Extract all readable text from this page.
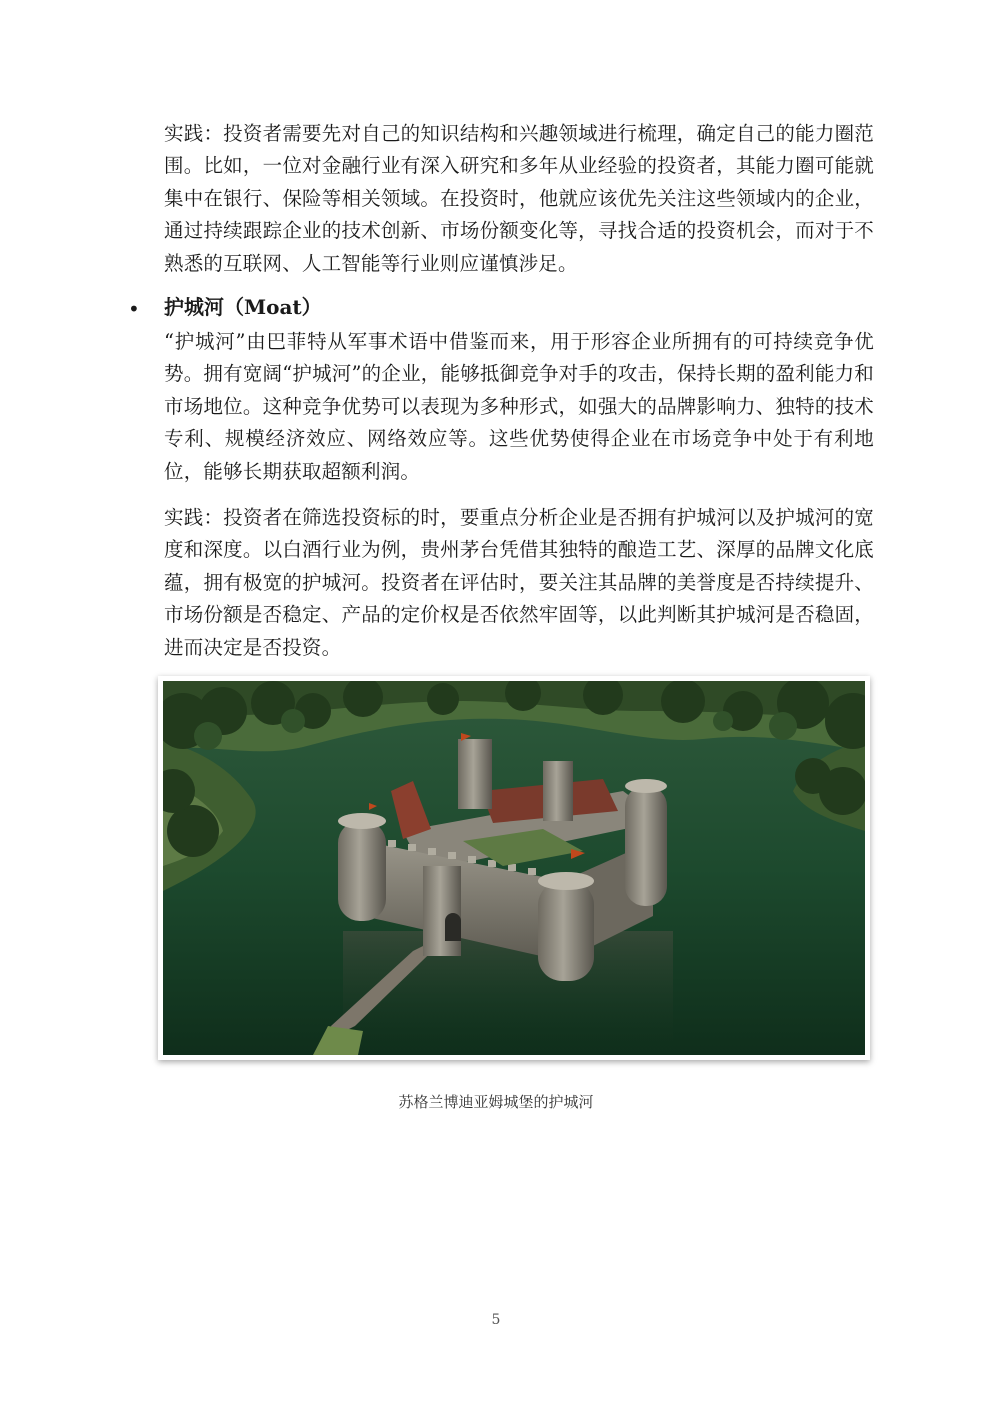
实践：投资者需要先对自己的知识结构和兴趣领域进行梳理，确定自己的能力圈范围。比如，一位对金融行业有深入研究和多年从业经验的投资者，其能力圈可能就集中在银行、保险等相关领域。在投资时，他就应该优先关注这些领域内的企业，通过持续跟踪企业的技术创新、市场份额变化等，寻找合适的投资机会，而对于不熟悉的互联网、人工智能等行业则应谨慎涉足。

• 护城河（Moat）

“护城河”由巴菲特从军事术语中借鉴而来，用于形容企业所拥有的可持续竞争优势。拥有宽阔“护城河”的企业，能够抵御竞争对手的攻击，保持长期的盈利能力和市场地位。这种竞争优势可以表现为多种形式，如强大的品牌影响力、独特的技术专利、规模经济效应、网络效应等。这些优势使得企业在市场竞争中处于有利地位，能够长期获取超额利润。

实践：投资者在筛选投资标的时，要重点分析企业是否拥有护城河以及护城河的宽度和深度。以白酒行业为例，贵州茅台凭借其独特的酿造工艺、深厚的品牌文化底蕴，拥有极宽的护城河。投资者在评估时，要关注其品牌的美誉度是否持续提升、市场份额是否稳定、产品的定价权是否依然牢固等，以此判断其护城河是否稳固，进而决定是否投资。

苏格兰博迪亚姆城堡的护城河
5
